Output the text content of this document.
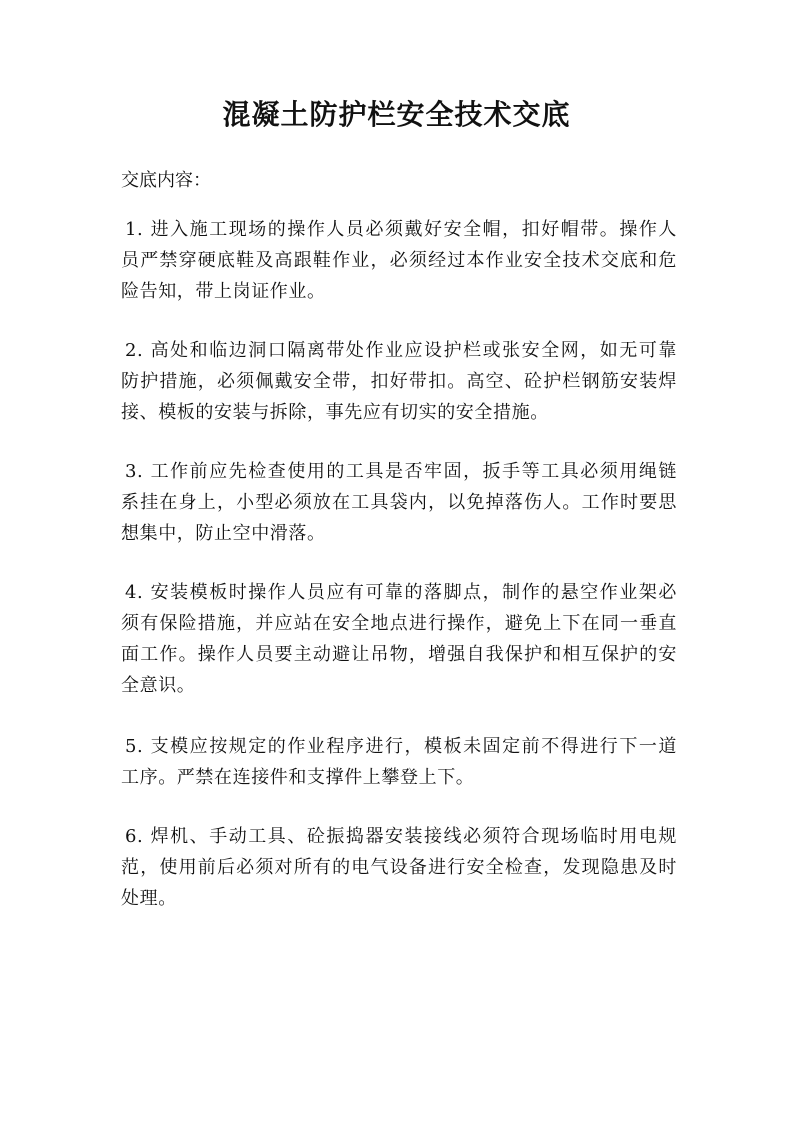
混凝土防护栏安全技术交底
交底内容：
1. 进入施工现场的操作人员必须戴好安全帽，扣好帽带。操作人
员严禁穿硬底鞋及高跟鞋作业，必须经过本作业安全技术交底和危
险告知，带上岗证作业。
2. 高处和临边洞口隔离带处作业应设护栏或张安全网，如无可靠
防护措施，必须佩戴安全带，扣好带扣。高空、砼护栏钢筋安装焊
接、模板的安装与拆除，事先应有切实的安全措施。
3. 工作前应先检查使用的工具是否牢固，扳手等工具必须用绳链
系挂在身上，小型必须放在工具袋内，以免掉落伤人。工作时要思
想集中，防止空中滑落。
4. 安装模板时操作人员应有可靠的落脚点，制作的悬空作业架必
须有保险措施，并应站在安全地点进行操作，避免上下在同一垂直
面工作。操作人员要主动避让吊物，增强自我保护和相互保护的安
全意识。
5. 支模应按规定的作业程序进行，模板未固定前不得进行下一道
工序。严禁在连接件和支撑件上攀登上下。
6. 焊机、手动工具、砼振捣器安装接线必须符合现场临时用电规
范，使用前后必须对所有的电气设备进行安全检查，发现隐患及时
处理。
